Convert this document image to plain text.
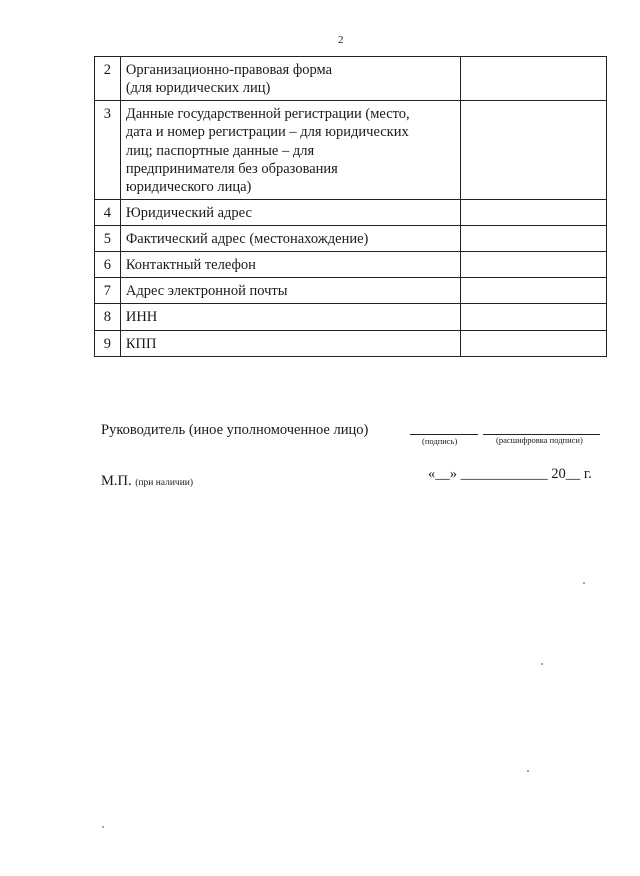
2
2	Организационно-правовая форма
(для юридических лиц)	

3	Данные государственной регистрации (место,
дата и номер регистрации – для юридических
лиц; паспортные данные – для
предпринимателя без образования
юридического лица)	

4	Юридический адрес	

5	Фактический адрес (местонахождение)	

6	Контактный телефон	

7	Адрес электронной почты	

8	ИНН	

9	КПП	

Руководитель (иное уполномоченное лицо)
(подпись)	(расшифровка подписи)
М.П. (при наличии)
«__» ____________ 20__ г.
